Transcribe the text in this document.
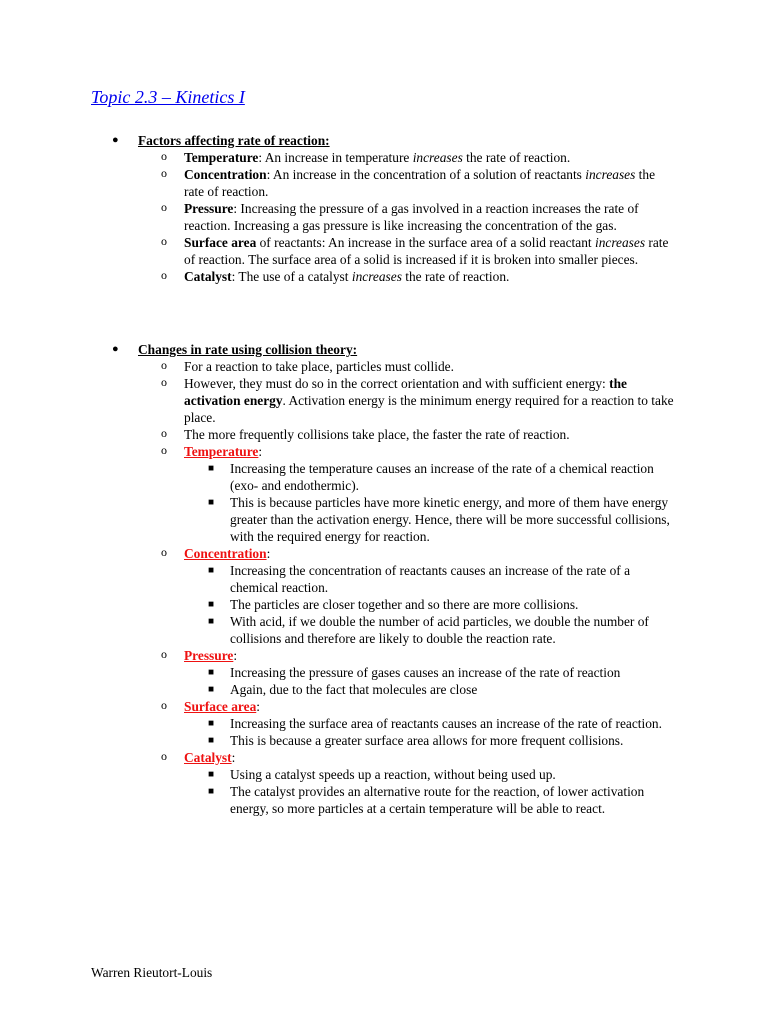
Topic 2.3 – Kinetics I
● Factors affecting rate of reaction:
o Temperature: An increase in temperature increases the rate of reaction.
o Concentration: An increase in the concentration of a solution of reactants increases the rate of reaction.
o Pressure: Increasing the pressure of a gas involved in a reaction increases the rate of reaction. Increasing a gas pressure is like increasing the concentration of the gas.
o Surface area of reactants: An increase in the surface area of a solid reactant increases rate of reaction. The surface area of a solid is increased if it is broken into smaller pieces.
o Catalyst: The use of a catalyst increases the rate of reaction.
● Changes in rate using collision theory:
o For a reaction to take place, particles must collide.
o However, they must do so in the correct orientation and with sufficient energy: the activation energy. Activation energy is the minimum energy required for a reaction to take place.
o The more frequently collisions take place, the faster the rate of reaction.
o Temperature:
■ Increasing the temperature causes an increase of the rate of a chemical reaction (exo- and endothermic).
■ This is because particles have more kinetic energy, and more of them have energy greater than the activation energy. Hence, there will be more successful collisions, with the required energy for reaction.
o Concentration:
■ Increasing the concentration of reactants causes an increase of the rate of a chemical reaction.
■ The particles are closer together and so there are more collisions.
■ With acid, if we double the number of acid particles, we double the number of collisions and therefore are likely to double the reaction rate.
o Pressure:
■ Increasing the pressure of gases causes an increase of the rate of reaction
■ Again, due to the fact that molecules are close
o Surface area:
■ Increasing the surface area of reactants causes an increase of the rate of reaction.
■ This is because a greater surface area allows for more frequent collisions.
o Catalyst:
■ Using a catalyst speeds up a reaction, without being used up.
■ The catalyst provides an alternative route for the reaction, of lower activation energy, so more particles at a certain temperature will be able to react.
Warren Rieutort-Louis
